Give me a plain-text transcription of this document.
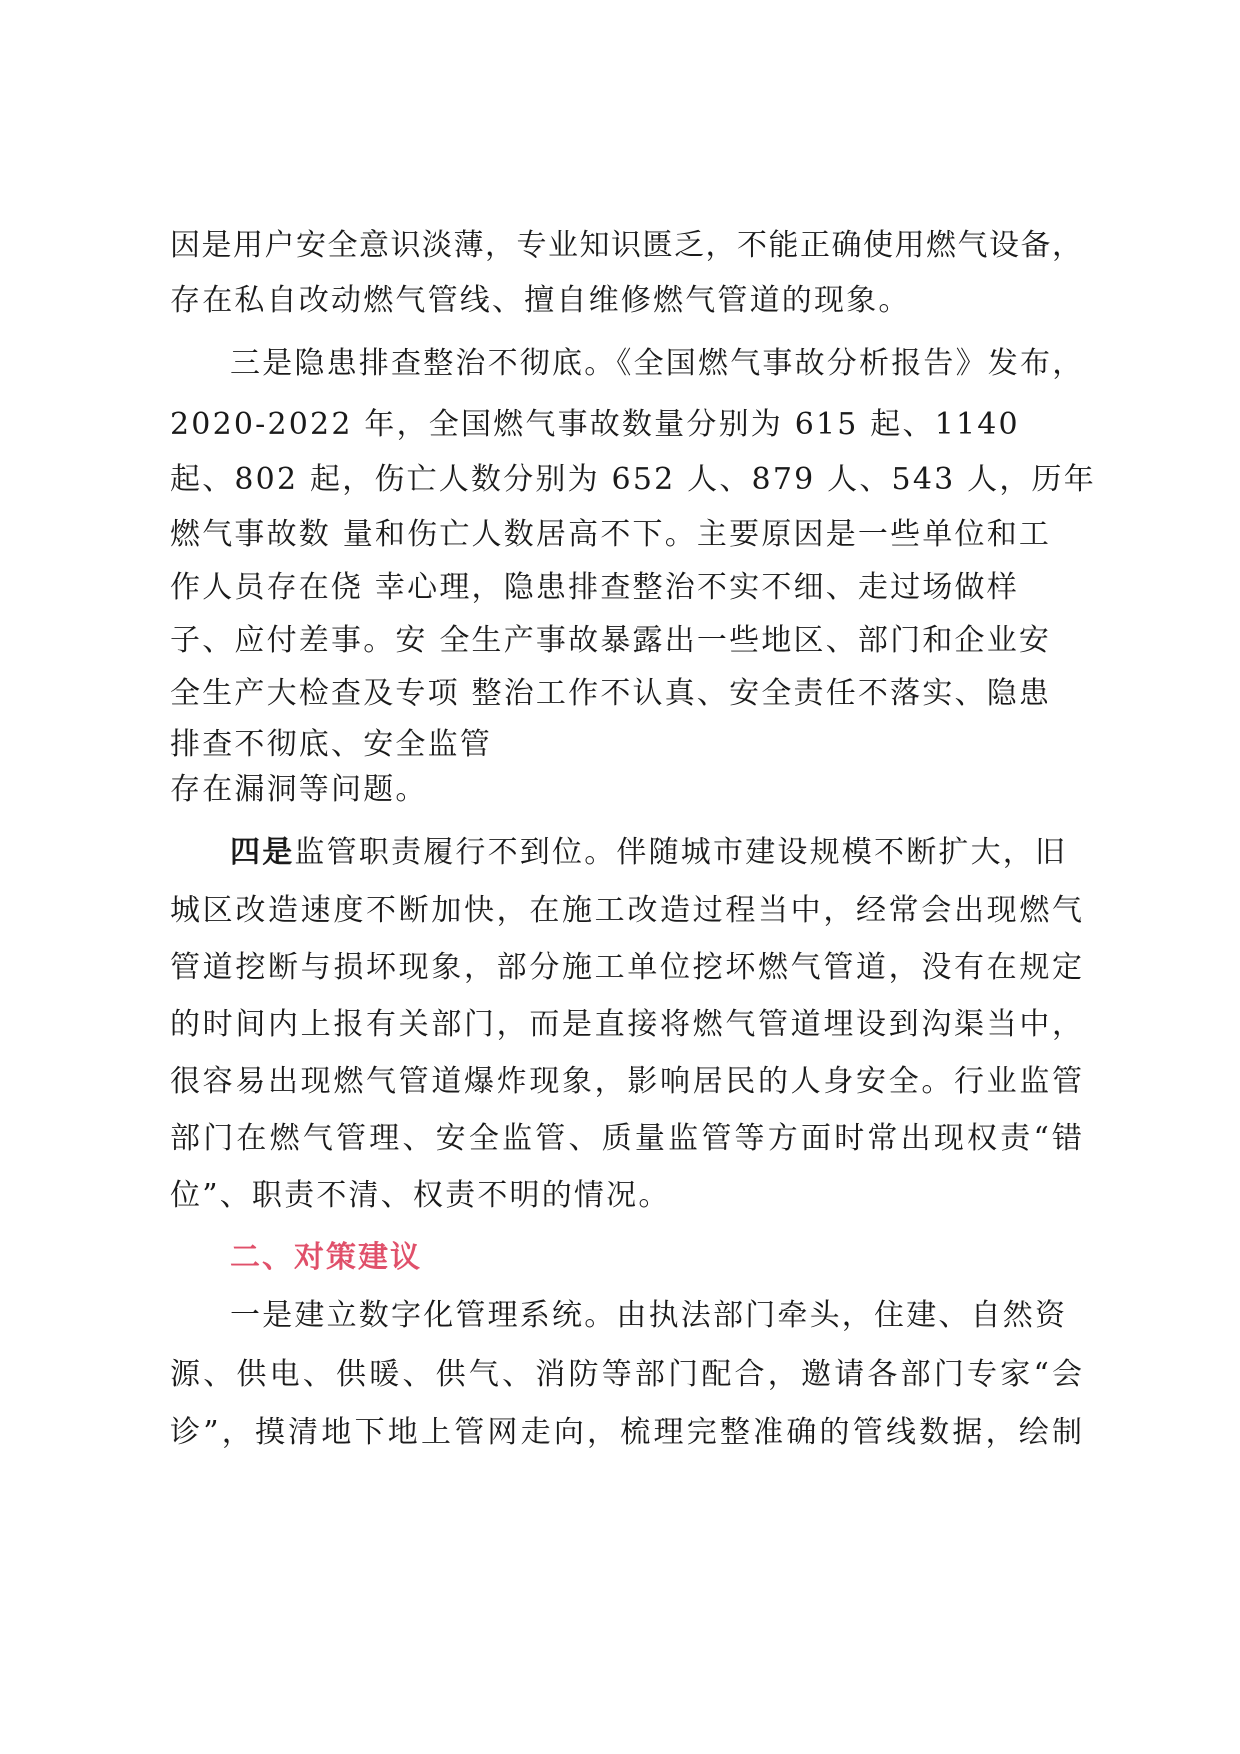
因是用户安全意识淡薄，专业知识匮乏，不能正确使用燃气设备，
存在私自改动燃气管线、擅自维修燃气管道的现象。
三是隐患排查整治不彻底。《全国燃气事故分析报告》发布，
2020-2022 年，全国燃气事故数量分别为 615 起、1140
起、802 起，伤亡人数分别为 652 人、879 人、543 人，历年
燃气事故数 量和伤亡人数居高不下。主要原因是一些单位和工
作人员存在侥 幸心理，隐患排查整治不实不细、走过场做样
子、应付差事。安 全生产事故暴露出一些地区、部门和企业安
全生产大检查及专项 整治工作不认真、安全责任不落实、隐患
排查不彻底、安全监管
存在漏洞等问题。
四是监管职责履行不到位。伴随城市建设规模不断扩大，旧
城区改造速度不断加快，在施工改造过程当中，经常会出现燃气
管道挖断与损坏现象，部分施工单位挖坏燃气管道，没有在规定
的时间内上报有关部门，而是直接将燃气管道埋设到沟渠当中，
很容易出现燃气管道爆炸现象，影响居民的人身安全。行业监管
部门在燃气管理、安全监管、质量监管等方面时常出现权责“错
位”、职责不清、权责不明的情况。
二、对策建议
一是建立数字化管理系统。由执法部门牵头，住建、自然资
源、供电、供暖、供气、消防等部门配合，邀请各部门专家“会
诊”，摸清地下地上管网走向，梳理完整准确的管线数据，绘制
